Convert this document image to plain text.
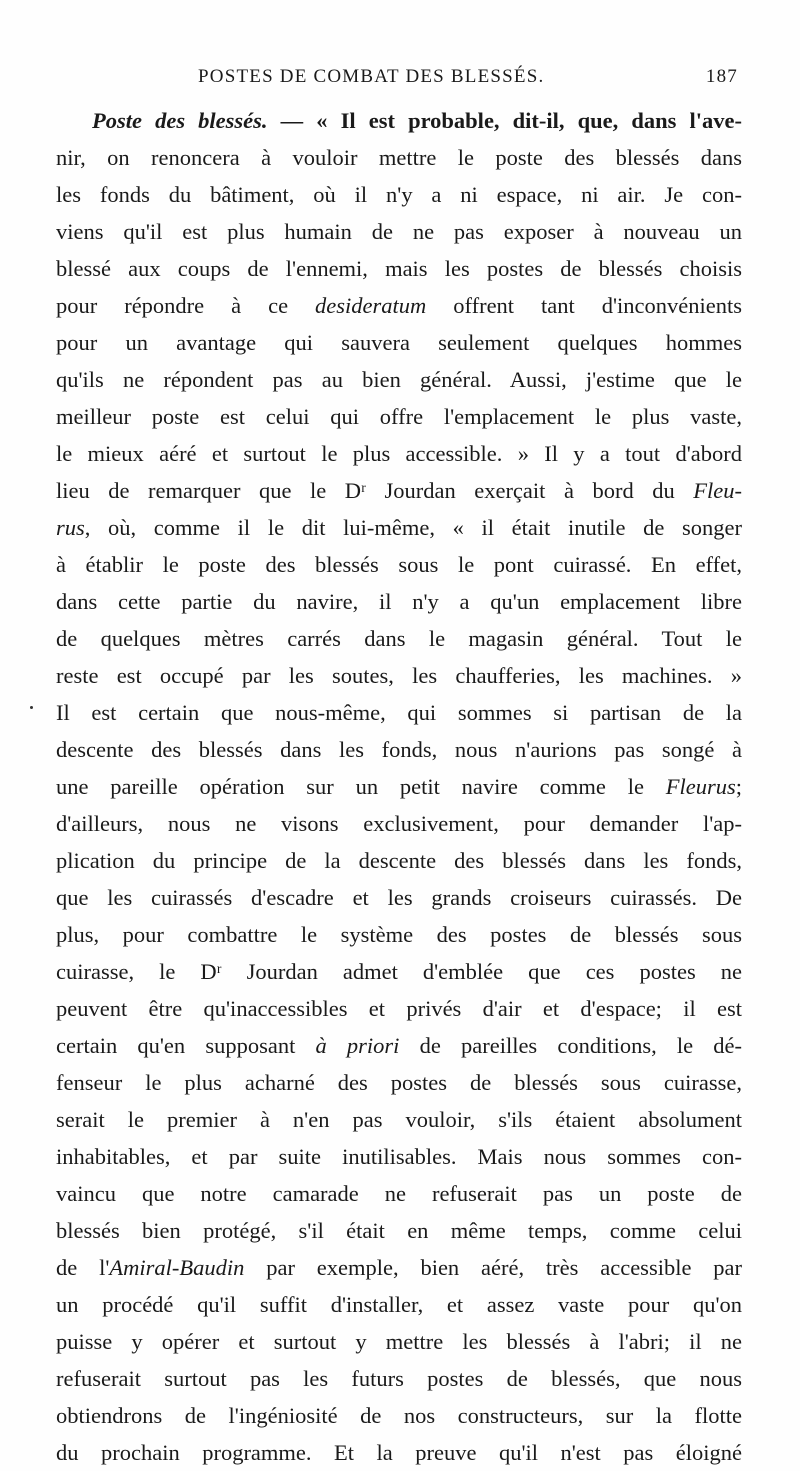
POSTES DE COMBAT DES BLESSÉS.	187
Poste des blessés. — « Il est probable, dit-il, que, dans l'ave-
nir, on renoncera à vouloir mettre le poste des blessés dans
les fonds du bâtiment, où il n'y a ni espace, ni air. Je con-
viens qu'il est plus humain de ne pas exposer à nouveau un
blessé aux coups de l'ennemi, mais les postes de blessés choisis
pour répondre à ce desideratum offrent tant d'inconvénients
pour un avantage qui sauvera seulement quelques hommes
qu'ils ne répondent pas au bien général. Aussi, j'estime que le
meilleur poste est celui qui offre l'emplacement le plus vaste,
le mieux aéré et surtout le plus accessible. » Il y a tout d'abord
lieu de remarquer que le Dʳ Jourdan exerçait à bord du Fleu-
rus, où, comme il le dit lui-même, « il était inutile de songer
à établir le poste des blessés sous le pont cuirassé. En effet,
dans cette partie du navire, il n'y a qu'un emplacement libre
de quelques mètres carrés dans le magasin général. Tout le
reste est occupé par les soutes, les chaufferies, les machines. »
Il est certain que nous-même, qui sommes si partisan de la
descente des blessés dans les fonds, nous n'aurions pas songé à
une pareille opération sur un petit navire comme le Fleurus;
d'ailleurs, nous ne visons exclusivement, pour demander l'ap-
plication du principe de la descente des blessés dans les fonds,
que les cuirassés d'escadre et les grands croiseurs cuirassés. De
plus, pour combattre le système des postes de blessés sous
cuirasse, le Dʳ Jourdan admet d'emblée que ces postes ne
peuvent être qu'inaccessibles et privés d'air et d'espace; il est
certain qu'en supposant à priori de pareilles conditions, le dé-
fenseur le plus acharné des postes de blessés sous cuirasse,
serait le premier à n'en pas vouloir, s'ils étaient absolument
inhabitables, et par suite inutilisables. Mais nous sommes con-
vaincu que notre camarade ne refuserait pas un poste de
blessés bien protégé, s'il était en même temps, comme celui
de l'Amiral-Baudin par exemple, bien aéré, très accessible par
un procédé qu'il suffit d'installer, et assez vaste pour qu'on
puisse y opérer et surtout y mettre les blessés à l'abri; il ne
refuserait surtout pas les futurs postes de blessés, que nous
obtiendrons de l'ingéniosité de nos constructeurs, sur la flotte
du prochain programme. Et la preuve qu'il n'est pas éloigné
